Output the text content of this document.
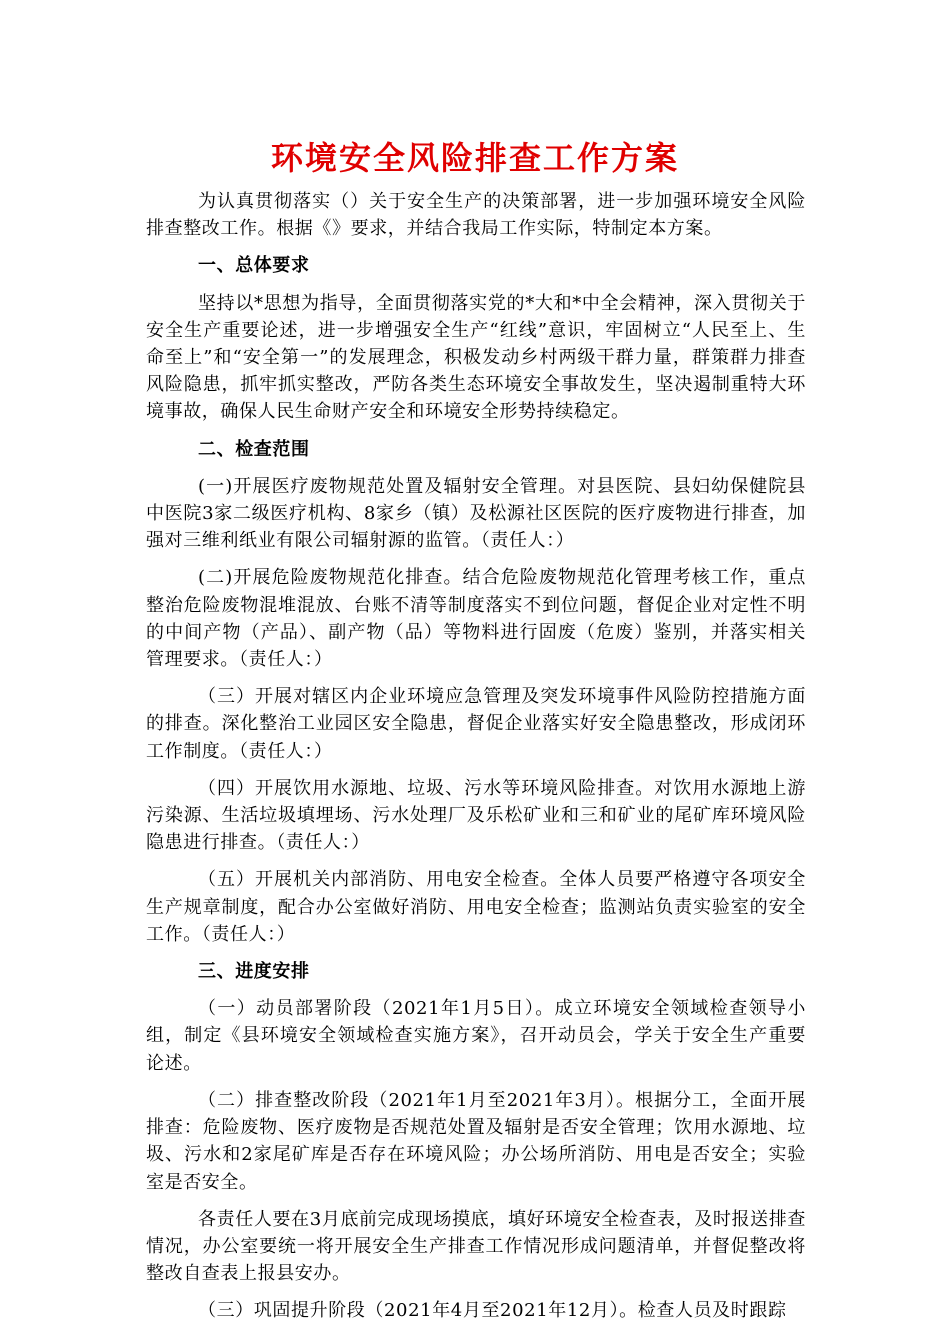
环境安全风险排查工作方案

为认真贯彻落实（）关于安全生产的决策部署，进一步加强环境安全风险排查整改工作。根据《》要求，并结合我局工作实际，特制定本方案。

一、总体要求

坚持以*思想为指导，全面贯彻落实党的*大和*中全会精神，深入贯彻关于安全生产重要论述，进一步增强安全生产“红线”意识，牢固树立“人民至上、生命至上”和“安全第一”的发展理念，积极发动乡村两级干群力量，群策群力排查风险隐患，抓牢抓实整改，严防各类生态环境安全事故发生，坚决遏制重特大环境事故，确保人民生命财产安全和环境安全形势持续稳定。

二、检查范围

(一)开展医疗废物规范处置及辐射安全管理。对县医院、县妇幼保健院县中医院3家二级医疗机构、8家乡（镇）及松源社区医院的医疗废物进行排查，加强对三维利纸业有限公司辐射源的监管。（责任人：）

(二)开展危险废物规范化排查。结合危险废物规范化管理考核工作，重点整治危险废物混堆混放、台账不清等制度落实不到位问题，督促企业对定性不明的中间产物（产品）、副产物（品）等物料进行固废（危废）鉴别，并落实相关管理要求。（责任人：）

（三）开展对辖区内企业环境应急管理及突发环境事件风险防控措施方面的排查。深化整治工业园区安全隐患，督促企业落实好安全隐患整改，形成闭环工作制度。（责任人：）

（四）开展饮用水源地、垃圾、污水等环境风险排查。对饮用水源地上游污染源、生活垃圾填埋场、污水处理厂及乐松矿业和三和矿业的尾矿库环境风险隐患进行排查。（责任人：）

（五）开展机关内部消防、用电安全检查。全体人员要严格遵守各项安全生产规章制度，配合办公室做好消防、用电安全检查；监测站负责实验室的安全工作。（责任人：）

三、进度安排

（一）动员部署阶段（2021年1月5日）。成立环境安全领域检查领导小组，制定《县环境安全领域检查实施方案》，召开动员会，学关于安全生产重要论述。

（二）排查整改阶段（2021年1月至2021年3月）。根据分工，全面开展排查：危险废物、医疗废物是否规范处置及辐射是否安全管理；饮用水源地、垃圾、污水和2家尾矿库是否存在环境风险；办公场所消防、用电是否安全；实验室是否安全。

各责任人要在3月底前完成现场摸底，填好环境安全检查表，及时报送排查情况，办公室要统一将开展安全生产排查工作情况形成问题清单，并督促整改将整改自查表上报县安办。

（三）巩固提升阶段（2021年4月至2021年12月）。检查人员及时跟踪
